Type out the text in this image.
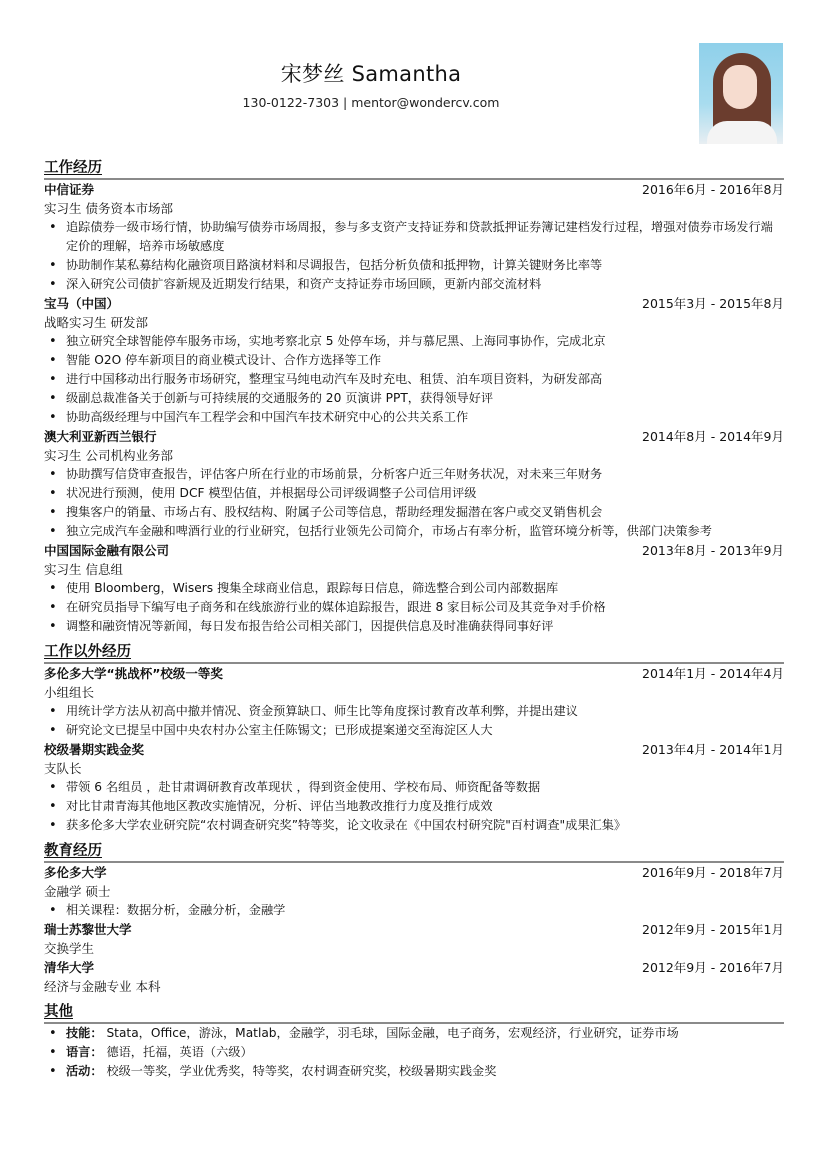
宋梦丝 Samantha
130-0122-7303 | mentor@wondercv.com
工作经历
中信证券	2016年6月 - 2016年8月
实习生 债务资本市场部
• 追踪债券一级市场行情，协助编写债券市场周报，参与多支资产支持证券和贷款抵押证券簿记建档发行过程，增强对债券市场发行端定价的理解，培养市场敏感度
• 协助制作某私募结构化融资项目路演材料和尽调报告，包括分析负债和抵押物，计算关键财务比率等
• 深入研究公司债扩容新规及近期发行结果，和资产支持证券市场回顾，更新内部交流材料
宝马（中国）	2015年3月 - 2015年8月
战略实习生 研发部
• 独立研究全球智能停车服务市场，实地考察北京 5 处停车场，并与慕尼黑、上海同事协作，完成北京
• 智能 O2O 停车新项目的商业模式设计、合作方选择等工作
• 进行中国移动出行服务市场研究，整理宝马纯电动汽车及时充电、租赁、泊车项目资料，为研发部高
• 级副总裁准备关于创新与可持续展的交通服务的 20 页演讲 PPT，获得领导好评
• 协助高级经理与中国汽车工程学会和中国汽车技术研究中心的公共关系工作
澳大利亚新西兰银行	2014年8月 - 2014年9月
实习生 公司机构业务部
• 协助撰写信贷审查报告，评估客户所在行业的市场前景，分析客户近三年财务状况，对未来三年财务
• 状况进行预测，使用 DCF 模型估值，并根据母公司评级调整子公司信用评级
• 搜集客户的销量、市场占有、股权结构、附属子公司等信息，帮助经理发掘潜在客户或交叉销售机会
• 独立完成汽车金融和啤酒行业的行业研究，包括行业领先公司简介，市场占有率分析，监管环境分析等，供部门决策参考
中国国际金融有限公司	2013年8月 - 2013年9月
实习生 信息组
• 使用 Bloomberg，Wisers 搜集全球商业信息，跟踪每日信息，筛选整合到公司内部数据库
• 在研究员指导下编写电子商务和在线旅游行业的媒体追踪报告，跟进 8 家目标公司及其竞争对手价格
• 调整和融资情况等新闻，每日发布报告给公司相关部门，因提供信息及时准确获得同事好评
工作以外经历
多伦多大学“挑战杯”校级一等奖	2014年1月 - 2014年4月
小组组长
• 用统计学方法从初高中撤并情况、资金预算缺口、师生比等角度探讨教育改革利弊，并提出建议
• 研究论文已提呈中国中央农村办公室主任陈锡文；已形成提案递交至海淀区人大
校级暑期实践金奖	2013年4月 - 2014年1月
支队长
• 带领 6 名组员 ，赴甘肃调研教育改革现状 ，得到资金使用、学校布局、师资配备等数据
• 对比甘肃青海其他地区教改实施情况，分析、评估当地教改推行力度及推行成效
• 获多伦多大学农业研究院“农村调查研究奖”特等奖，论文收录在《中国农村研究院"百村调查"成果汇集》
教育经历
多伦多大学	2016年9月 - 2018年7月
金融学 硕士
• 相关课程：数据分析，金融分析，金融学
瑞士苏黎世大学	2012年9月 - 2015年1月
交换学生
清华大学	2012年9月 - 2016年7月
经济与金融专业 本科
其他
• 技能： Stata，Office，游泳，Matlab，金融学，羽毛球，国际金融，电子商务，宏观经济，行业研究，证券市场
• 语言： 德语，托福，英语（六级）
• 活动： 校级一等奖，学业优秀奖，特等奖，农村调查研究奖，校级暑期实践金奖
